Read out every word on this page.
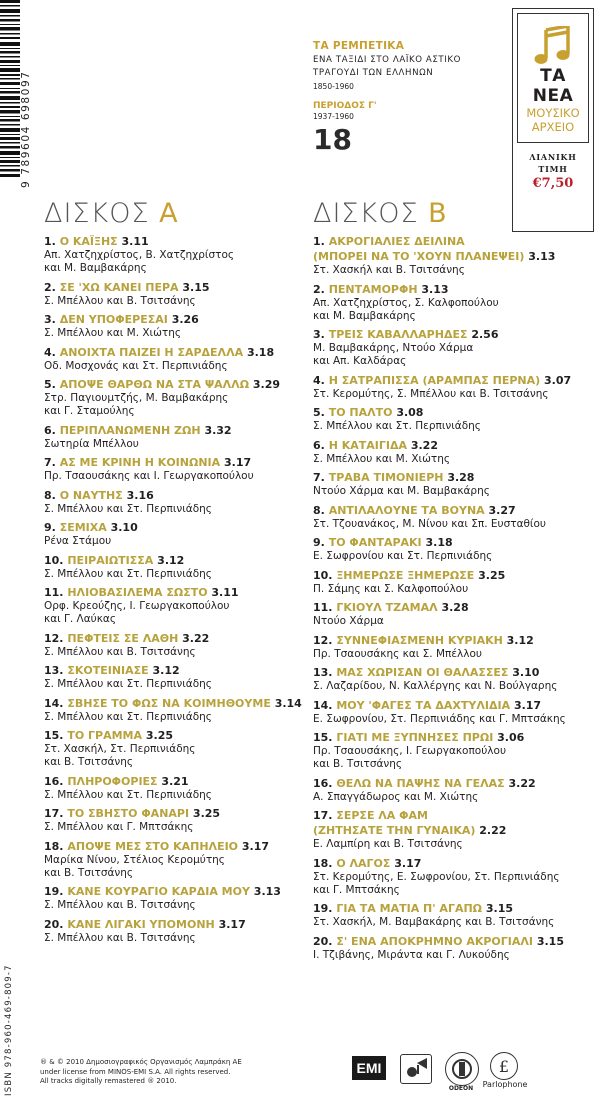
9 789604 698097
ΤΑ ΡΕΜΠΕΤΙΚΑ
ΕΝΑ ΤΑΞΙΔΙ ΣΤΟ ΛΑΪΚΟ ΑΣΤΙΚΟ
ΤΡΑΓΟΥΔΙ ΤΩΝ ΕΛΛΗΝΩΝ
1850-1960
ΠΕΡΙΟΔΟΣ Γ'
1937-1960
18
ΤΑ ΝΕΑ
ΜΟΥΣΙΚΟ
ΑΡΧΕΙΟ
ΛΙΑΝΙΚΗ
ΤΙΜΗ
€7,50
ΔΙΣΚΟΣ A	ΔΙΣΚΟΣ B
1. Ο ΚΑΪΞΗΣ 3.11
Απ. Χατζηχρίστος, Β. Χατζηχρίστος
και Μ. Βαμβακάρης
2. ΣΕ 'ΧΩ ΚΑΝΕΙ ΠΕΡΑ 3.15
Σ. Μπέλλου και Β. Τσιτσάνης
3. ΔΕΝ ΥΠΟΦΕΡΕΣΑΙ 3.26
Σ. Μπέλλου και Μ. Χιώτης
4. ΑΝΟΙΧΤΑ ΠΑΙΖΕΙ Η ΣΑΡΔΕΛΛΑ 3.18
Οδ. Μοσχονάς και Στ. Περπινιάδης
5. ΑΠΟΨΕ ΘΑΡΘΩ ΝΑ ΣΤΑ ΨΑΛΛΩ 3.29
Στρ. Παγιουμτζής, Μ. Βαμβακάρης
και Γ. Σταμούλης
6. ΠΕΡΙΠΛΑΝΩΜΕΝΗ ΖΩΗ 3.32
Σωτηρία Μπέλλου
7. ΑΣ ΜΕ ΚΡΙΝΗ Η ΚΟΙΝΩΝΙΑ 3.17
Πρ. Τσαουσάκης και Ι. Γεωργακοπούλου
8. Ο ΝΑΥΤΗΣ 3.16
Σ. Μπέλλου και Στ. Περπινιάδης
9. ΣΕΜΙΧΑ 3.10
Ρένα Στάμου
10. ΠΕΙΡΑΙΩΤΙΣΣΑ 3.12
Σ. Μπέλλου και Στ. Περπινιάδης
11. ΗΛΙΟΒΑΣΙΛΕΜΑ ΣΩΣΤΟ 3.11
Ορφ. Κρεούζης, Ι. Γεωργακοπούλου
και Γ. Λαύκας
12. ΠΕΦΤΕΙΣ ΣΕ ΛΑΘΗ 3.22
Σ. Μπέλλου και Β. Τσιτσάνης
13. ΣΚΟΤΕΙΝΙΑΣΕ 3.12
Σ. Μπέλλου και Στ. Περπινιάδης
14. ΣΒΗΣΕ ΤΟ ΦΩΣ ΝΑ ΚΟΙΜΗΘΟΥΜΕ 3.14
Σ. Μπέλλου και Στ. Περπινιάδης
15. ΤΟ ΓΡΑΜΜΑ 3.25
Στ. Χασκήλ, Στ. Περπινιάδης
και Β. Τσιτσάνης
16. ΠΛΗΡΟΦΟΡΙΕΣ 3.21
Σ. Μπέλλου και Στ. Περπινιάδης
17. ΤΟ ΣΒΗΣΤΟ ΦΑΝΑΡΙ 3.25
Σ. Μπέλλου και Γ. Μπτσάκης
18. ΑΠΟΨΕ ΜΕΣ ΣΤΟ ΚΑΠΗΛΕΙΟ 3.17
Μαρίκα Νίνου, Στέλιος Κερομύτης
και Β. Τσιτσάνης
19. ΚΑΝΕ ΚΟΥΡΑΓΙΟ ΚΑΡΔΙΑ ΜΟΥ 3.13
Σ. Μπέλλου και Β. Τσιτσάνης
20. ΚΑΝΕ ΛΙΓΑΚΙ ΥΠΟΜΟΝΗ 3.17
Σ. Μπέλλου και Β. Τσιτσάνης
1. ΑΚΡΟΓΙΑΛΙΕΣ ΔΕΙΛΙΝΑ
(ΜΠΟΡΕΙ ΝΑ ΤΟ 'ΧΟΥΝ ΠΛΑΝΕΨΕΙ) 3.13
Στ. Χασκήλ και Β. Τσιτσάνης
2. ΠΕΝΤΑΜΟΡΦΗ 3.13
Απ. Χατζηχρίστος, Σ. Καλφοπούλου
και Μ. Βαμβακάρης
3. ΤΡΕΙΣ ΚΑΒΑΛΛΑΡΗΔΕΣ 2.56
Μ. Βαμβακάρης, Ντούο Χάρμα
και Απ. Καλδάρας
4. Η ΣΑΤΡΑΠΙΣΣΑ (ΑΡΑΜΠΑΣ ΠΕΡΝΑ) 3.07
Στ. Κερομύτης, Σ. Μπέλλου και Β. Τσιτσάνης
5. ΤΟ ΠΑΛΤΟ 3.08
Σ. Μπέλλου και Στ. Περπινιάδης
6. Η ΚΑΤΑΙΓΙΔΑ 3.22
Σ. Μπέλλου και Μ. Χιώτης
7. ΤΡΑΒΑ ΤΙΜΟΝΙΕΡΗ 3.28
Ντούο Χάρμα και Μ. Βαμβακάρης
8. ΑΝΤΙΛΑΛΟΥΝΕ ΤΑ ΒΟΥΝΑ 3.27
Στ. Τζουανάκος, Μ. Νίνου και Σπ. Ευσταθίου
9. ΤΟ ΦΑΝΤΑΡΑΚΙ 3.18
Ε. Σωφρονίου και Στ. Περπινιάδης
10. ΞΗΜΕΡΩΣΕ ΞΗΜΕΡΩΣΕ 3.25
Π. Σάμης και Σ. Καλφοπούλου
11. ΓΚΙΟΥΛ ΤΖΑΜΑΛ 3.28
Ντούο Χάρμα
12. ΣΥΝΝΕΦΙΑΣΜΕΝΗ ΚΥΡΙΑΚΗ 3.12
Πρ. Τσαουσάκης και Σ. Μπέλλου
13. ΜΑΣ ΧΩΡΙΣΑΝ ΟΙ ΘΑΛΑΣΣΕΣ 3.10
Σ. Λαζαρίδου, Ν. Καλλέργης και Ν. Βούλγαρης
14. ΜΟΥ 'ΦΑΓΕΣ ΤΑ ΔΑΧΤΥΛΙΔΙΑ 3.17
Ε. Σωφρονίου, Στ. Περπινιάδης και Γ. Μπτσάκης
15. ΓΙΑΤΙ ΜΕ ΞΥΠΝΗΣΕΣ ΠΡΩΙ 3.06
Πρ. Τσαουσάκης, Ι. Γεωργακοπούλου
και Β. Τσιτσάνης
16. ΘΕΛΩ ΝΑ ΠΑΨΗΣ ΝΑ ΓΕΛΑΣ 3.22
Α. Σπαγγάδωρος και Μ. Χιώτης
17. ΣΕΡΣΕ ΛΑ ΦΑΜ
(ΖΗΤΗΣΑΤΕ ΤΗΝ ΓΥΝΑΙΚΑ) 2.22
Ε. Λαμπίρη και Β. Τσιτσάνης
18. Ο ΛΑΓΟΣ 3.17
Στ. Κερομύτης, Ε. Σωφρονίου, Στ. Περπινιάδης
και Γ. Μπτσάκης
19. ΓΙΑ ΤΑ ΜΑΤΙΑ Π' ΑΓΑΠΩ 3.15
Στ. Χασκήλ, Μ. Βαμβακάρης και Β. Τσιτσάνης
20. Σ' ΕΝΑ ΑΠΟΚΡΗΜΝΟ ΑΚΡΟΓΙΑΛΙ 3.15
Ι. Τζιβάνης, Μιράντα και Γ. Λυκούδης
ISBN 978-960-469-809-7	® & © 2010 Δημοσιογραφικός Οργανισμός Λαμπράκη ΑΕ
under license from MINOS-EMI S.A. All rights reserved.
All tracks digitally remastered ® 2010.
EMI
ODEON
£
Parlophone
